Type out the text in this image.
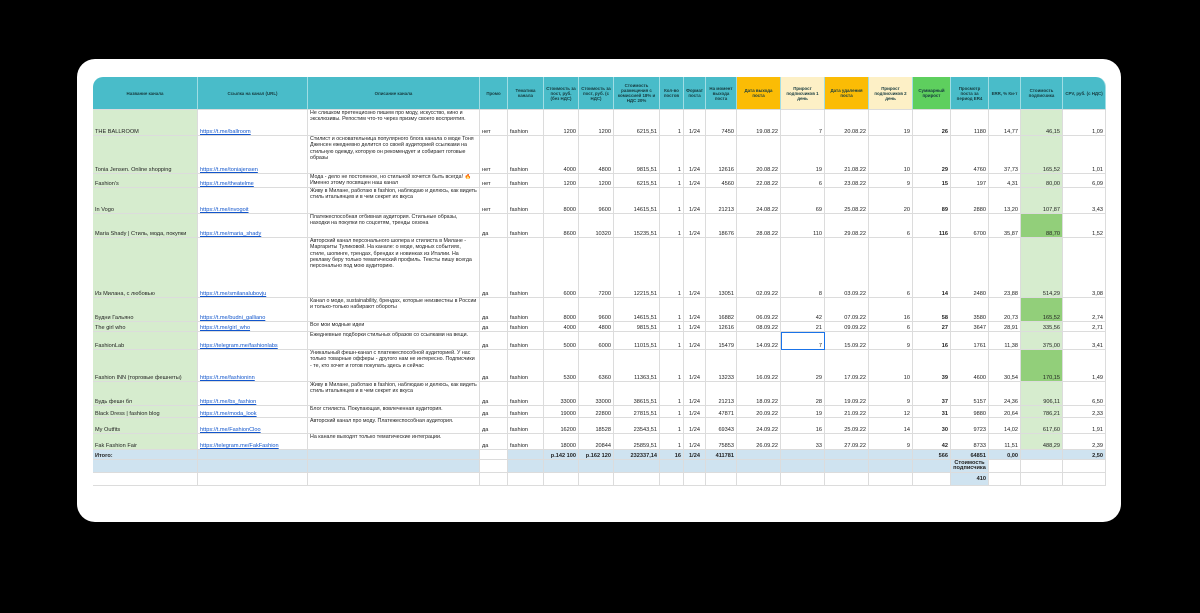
Название канала	Ссылка на канал (URL)	Описание канала	Промо	Тематика канала	Стоимость за пост, руб. (без НДС)	Стоимость за пост, руб. (с НДС)	Стоимость размещения с комиссией 18% и НДС 20%	Кол-во постов	Формат поста	На момент выхода поста	Дата выхода поста	Прирост подписчиков 1 день	Дата удаления поста	Прирост подписчиков 2 день	Суммарный прирост	Просмотр поста за период ER4	ERR, % Ки-т	Стоимость подписчика	CPV, руб. (с НДС)
THE BALLROOM	https://t.me/ballroom	Не слишком претенциозно пишем про моду, искусство, кино и эксклюзивы. Репостим что-то через призму своего восприятия.	нет	fashion	1200	1200	6215,51	1	1/24	7450	19.08.22	7	20.08.22	19	26	1180	14,77	46,15	1,09
Tonia Jensen. Online shopping	https://t.me/toniajensen	Стилист и основательница популярного блога канала о моде Тоня Дженсен ежедневно делится со своей аудиторией ссылками на стильную одежду, которую он рекомендует и собирает готовые образы	нет	fashion	4000	4800	9815,51	1	1/24	12616	20.08.22	19	21.08.22	10	29	4760	37,73	165,52	1,01
Fashion's	https://t.me/theatelme	Мода - дело не постоянное, но стильной хочется быть всегда! 🔥 Именно этому посвящен наш канал	нет	fashion	1200	1200	6215,51	1	1/24	4560	22.08.22	6	23.08.22	9	15	197	4,31	80,00	6,09
In Vogo	https://t.me/invogoit	Живу в Милане, работаю в fashion, наблюдаю и делюсь, как видеть стиль итальянцев и в чем секрет их вкуса	нет	fashion	8000	9600	14615,51	1	1/24	21213	24.08.22	69	25.08.22	20	89	2880	13,20	107,87	3,43
Maria Shady | Стиль, мода, покупки	https://t.me/maria_shady	Платежеспособная отбивная аудитория. Стильные образы, находки на покупки по соцсетям, тренды сезона	да	fashion	8600	10320	15235,51	1	1/24	18676	28.08.22	110	29.08.22	6	116	6700	35,87	88,70	1,52
Из Милана, с любовью	https://t.me/smilanalubovju	Авторский канал персонального шопера и стилиста в Милане - Маргариты Туликовой. На канале: о моде, модных событиях, стиле, шопинге, трендах, брендах и новинках из Италии. На рекламу беру только тематический профиль. Тексты пишу всегда персонально под мою аудиторию.	да	fashion	6000	7200	12215,51	1	1/24	13051	02.09.22	8	03.09.22	6	14	2480	23,88	514,29	3,08
Будни Гальяно	https://t.me/budni_galliano	Канал о моде, sustainability, брендах, которые неизвестны в России и только-только набирают обороты	да	fashion	8000	9600	14615,51	1	1/24	16882	06.09.22	42	07.09.22	16	58	3580	20,73	165,52	2,74
The girl who	https://t.me/girl_who	Все мои модные идеи	да	fashion	4000	4800	9815,51	1	1/24	12616	08.09.22	21	09.09.22	6	27	3647	28,91	335,56	2,71
FashionLab	https://telegram.me/fashionlabs	Ежедневные подборки стильных образов со ссылками на вещи.	да	fashion	5000	6000	11015,51	1	1/24	15479	14.09.22	7	15.09.22	9	16	1761	11,38	375,00	3,41
Fashion INN (торговые фешнеты)	https://t.me/fashioninn	Уникальный фешн-канал с платежеспособной аудиторией. У нас только товарные офферы - другого нам не интересно. Подписчики - те, кто хочет и готов покупать здесь и сейчас	да	fashion	5300	6360	11363,51	1	1/24	13233	16.09.22	29	17.09.22	10	39	4600	30,54	170,15	1,49
Будь фешн бл	https://t.me/bs_fashion	Живу в Милане, работаю в fashion, наблюдаю и делюсь, как видеть стиль итальянцев и в чем секрет их вкуса	да	fashion	33000	33000	38615,51	1	1/24	21213	18.09.22	28	19.09.22	9	37	5157	24,36	906,11	6,50
Black Dress | fashion blog	https://t.me/moda_look	Блог стилиста. Покупающая, вовлеченная аудитория.	да	fashion	19000	22800	27815,51	1	1/24	47871	20.09.22	19	21.09.22	12	31	9880	20,64	786,21	2,33
My Outfits	https://t.me/FashionCloo	Авторский канал про моду. Платежеспособная аудитория.	да	fashion	16200	18528	23543,51	1	1/24	69343	24.09.22	16	25.09.22	14	30	9723	14,02	617,60	1,91
Fak Fashion Fair	https://telegram.me/FakFashion	На канале выходят только тематические интеграции.	да	fashion	18000	20844	25859,51	1	1/24	75853	26.09.22	33	27.09.22	9	42	8733	11,51	488,29	2,39
Итого:					р.142 100	р.162 120	232337,14	16	1/24	411781					566	64851	0,00		2,50
																Стоимость подписчика			
																410			
